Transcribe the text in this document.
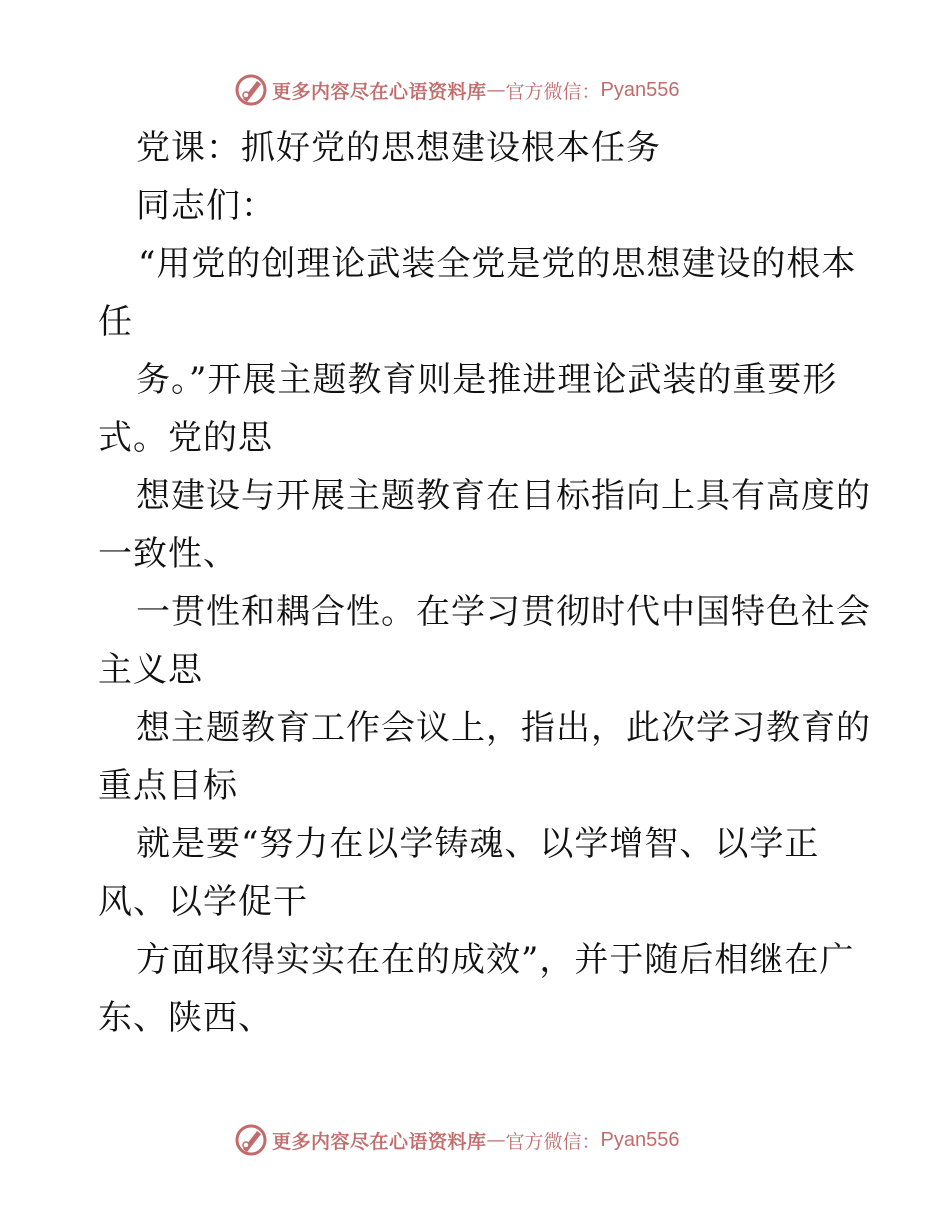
更多内容尽在心语资料库 — 官方微信： Pyan556
党课：抓好党的思想建设根本任务
同志们：
“用党的创理论武装全党是党的思想建设的根本
任
务。”开展主题教育则是推进理论武装的重要形
式。党的思
想建设与开展主题教育在目标指向上具有高度的
一致性、
一贯性和耦合性。在学习贯彻时代中国特色社会
主义思
想主题教育工作会议上，指出，此次学习教育的
重点目标
就是要“努力在以学铸魂、以学增智、以学正
风、以学促干
方面取得实实在在的成效”，并于随后相继在广
东、陕西、
更多内容尽在心语资料库 — 官方微信： Pyan556
